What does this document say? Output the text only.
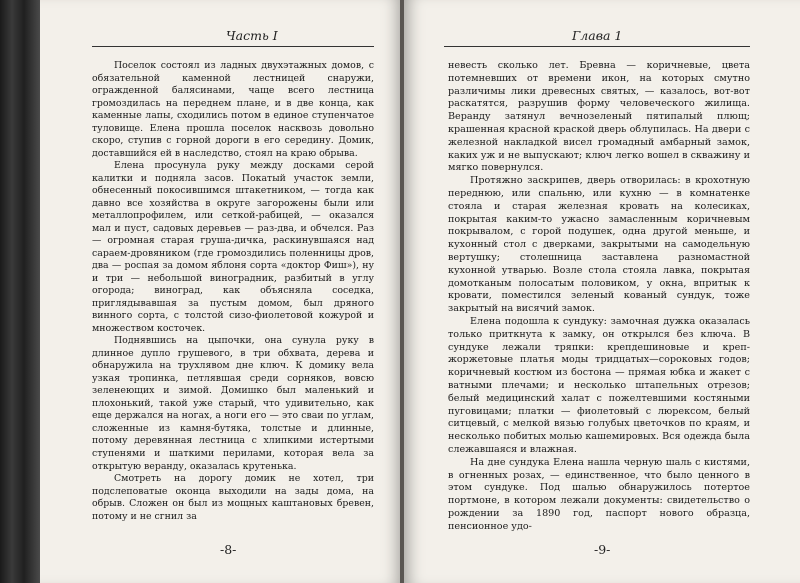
Часть I

Поселок состоял из ладных двухэтажных домов, с обязательной каменной лестницей снаружи, огражденной балясинами, чаще всего лестница громоздилась на переднем плане, и в две конца, как каменные лапы, сходились потом в единое ступенчатое туловище. Елена прошла поселок насквозь довольно скоро, ступив с горной дороги в его середину. Домик, доставшийся ей в наследство, стоял на краю обрыва.

Елена просунула руку между досками серой калитки и подняла засов. Покатый участок земли, обнесенный покосившимся штакетником, — тогда как давно все хозяйства в округе загорожены были или металлопрофилем, или сеткой-рабицей, — оказался мал и пуст, садовых деревьев — раз-два, и обчелся. Раз — огромная старая груша-дичка, раскинувшаяся над сараем-дровяником (где громоздились поленницы дров, два — роспая за домом яблоня сорта «доктор Фиш»), ну и три — небольшой виноградник, разбитый в углу огорода; виноград, как объясняла соседка, приглядывавшая за пустым домом, был дряного винного сорта, с толстой сизо-фиолетовой кожурой и множеством косточек.

Поднявшись на цыпочки, она сунула руку в длинное дупло грушевого, в три обхвата, дерева и обнаружила на трухлявом дне ключ. К домику вела узкая тропинка, петлявшая среди сорняков, вовсю зеленеющих и зимой. Домишко был маленький и плохонький, такой уже старый, что удивительно, как еще держался на ногах, а ноги его — это сваи по углам, сложенные из камня-бутяка, толстые и длинные, потому деревянная лестница с хлипкими истертыми ступенями и шаткими перилами, которая вела за открытую веранду, оказалась крутенька.

Смотреть на дорогу домик не хотел, три подслеповатые оконца выходили на зады дома, на обрыв. Сложен он был из мощных каштановых бревен, потому и не сгнил за

-8-
Глава 1

невесть сколько лет. Бревна — коричневые, цвета потемневших от времени икон, на которых смутно различимы лики древесных святых, — казалось, вот-вот раскатятся, разрушив форму человеческого жилища. Веранду затянул вечнозеленый пятипалый плющ; крашенная красной краской дверь облупилась. На двери с железной накладкой висел громадный амбарный замок, каких уж и не выпускают; ключ легко вошел в скважину и мягко повернулся.

Протяжно заскрипев, дверь отворилась: в крохотную переднюю, или спальню, или кухню — в комнатенке стояла и старая железная кровать на колесиках, покрытая каким-то ужасно замасленным коричневым покрывалом, с горой подушек, одна другой меньше, и кухонный стол с дверками, закрытыми на самодельную вертушку; столешница заставлена разномастной кухонной утварью. Возле стола стояла лавка, покрытая домотканым полосатым половиком, у окна, впритык к кровати, поместился зеленый кованый сундук, тоже закрытый на висячий замок.

Елена подошла к сундуку: замочная дужка оказалась только приткнута к замку, он открылся без ключа. В сундуке лежали тряпки: крепдешиновые и креп-жоржетовые платья моды тридцатых—сороковых годов; коричневый костюм из бостона — прямая юбка и жакет с ватными плечами; и несколько штапельных отрезов; белый медицинский халат с пожелтевшими костяными пуговицами; платки — фиолетовый с люрексом, белый ситцевый, с мелкой вязью голубых цветочков по краям, и несколько побитых молью кашемировых. Вся одежда была слежавшаяся и влажная.

На дне сундука Елена нашла черную шаль с кистями, в огненных розах, — единственное, что было ценного в этом сундуке. Под шалью обнаружилось потертое портмоне, в котором лежали документы: свидетельство о рождении за 1890 год, паспорт нового образца, пенсионное удо-

-9-
